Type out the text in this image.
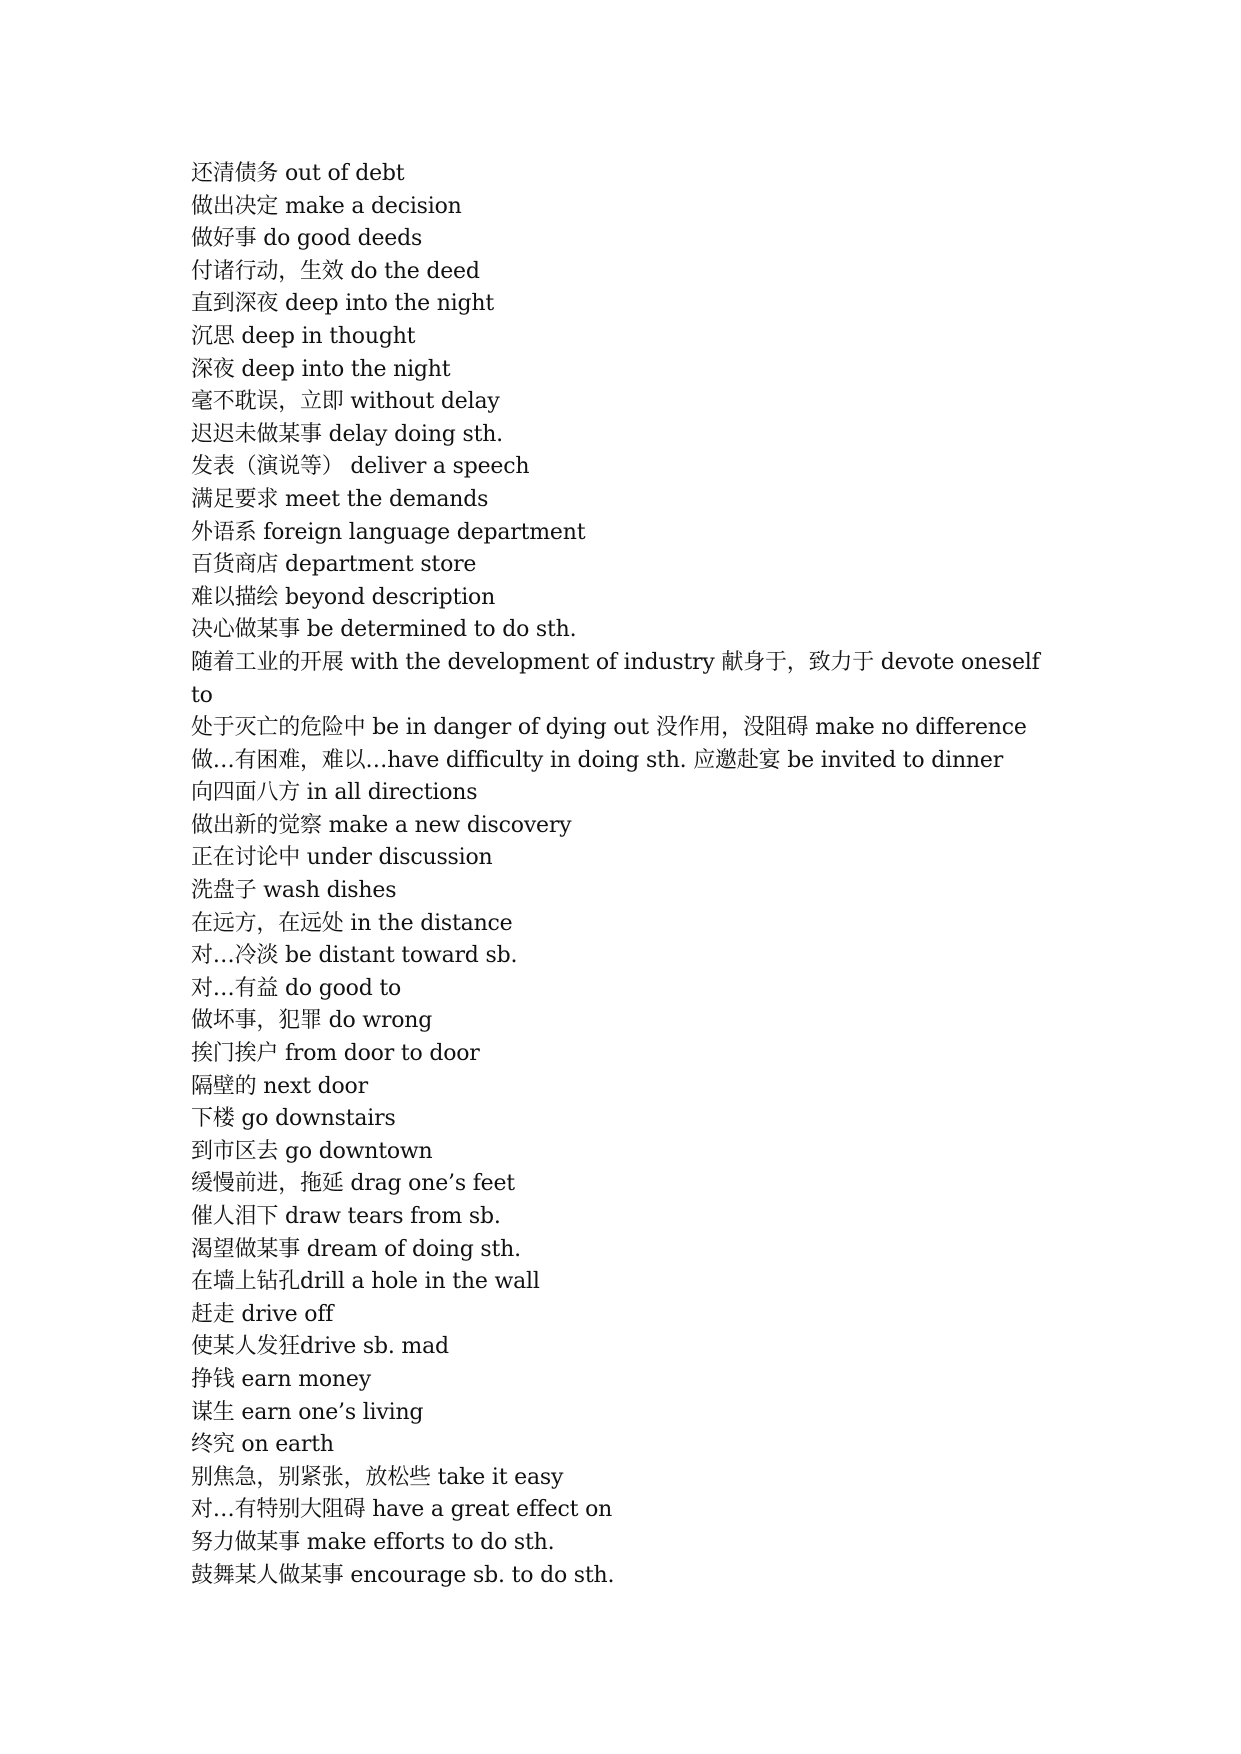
还清债务 out of debt

做出决定 make a decision

做好事 do good deeds

付诸行动，生效 do the deed

直到深夜 deep into the night

沉思 deep in thought

深夜 deep into the night

毫不耽误，立即 without delay

迟迟未做某事 delay doing sth.

发表（演说等） deliver a speech

满足要求 meet the demands

外语系 foreign language department

百货商店 department store

难以描绘 beyond description

决心做某事 be determined to do sth.

随着工业的开展 with the development of industry 献身于，致力于 devote oneself to

处于灭亡的危险中 be in danger of dying out 没作用，没阻碍 make no difference

做…有困难，难以…have difficulty in doing sth. 应邀赴宴 be invited to dinner

向四面八方 in all directions

做出新的觉察 make a new discovery

正在讨论中 under discussion

洗盘子 wash dishes

在远方，在远处 in the distance

对…冷淡 be distant toward sb.

对…有益 do good to

做坏事，犯罪 do wrong

挨门挨户 from door to door

隔壁的 next door

下楼 go downstairs

到市区去 go downtown

缓慢前进，拖延 drag one’s feet

催人泪下 draw tears from sb.

渴望做某事 dream of doing sth.

在墙上钻孔drill a hole in the wall

赶走 drive off

使某人发狂drive sb. mad

挣钱 earn money

谋生 earn one’s living

终究 on earth

别焦急，别紧张，放松些 take it easy

对…有特别大阻碍 have a great effect on

努力做某事 make efforts to do sth.

鼓舞某人做某事 encourage sb. to do sth.
